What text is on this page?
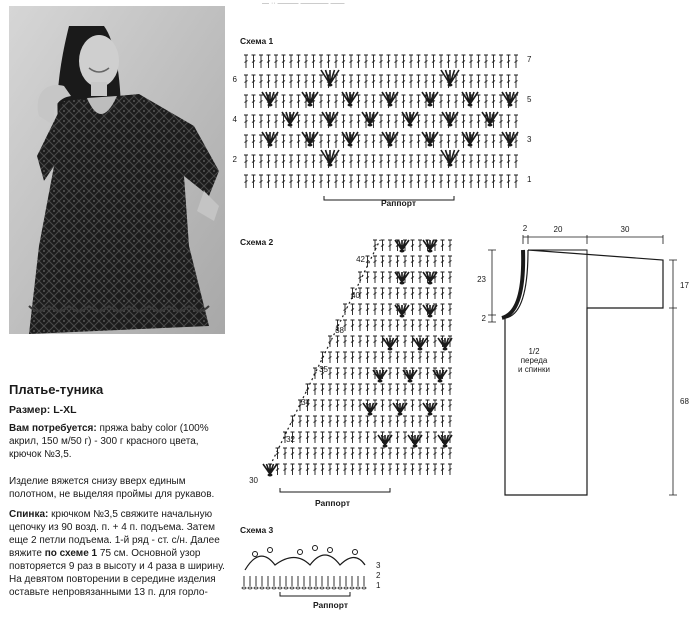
— ·· ——— ———— ——
Платье-туника
Размер: L-XL
Вам потребуется: пряжа baby color (100% акрил, 150 м/50 г) - 300 г красного цвета, крючок №3,5.
Изделие вяжется снизу вверх единым полотном, не выделяя проймы для рукавов.
Спинка: крючком №3,5 свяжите начальную цепочку из 90 возд. п. + 4 п. подъема. Затем еще 2 петли подъема. 1-й ряд - ст. с/н. Далее вяжите по схеме 1 75 см. Основной узор повторяется 9 раз в высоту и 4 раза в ширину. На девятом повторении в середине изделия оставьте непровязанными 13 п. для горло-
Схема 1
6
4
2
7
5
3
1
Раппорт
Схема 2
42
40
38
35
34
32
30
Раппорт
Схема 3
3
2
1
Раппорт
2	20	30
23
2
17
68
1/2
переда
и спинки
